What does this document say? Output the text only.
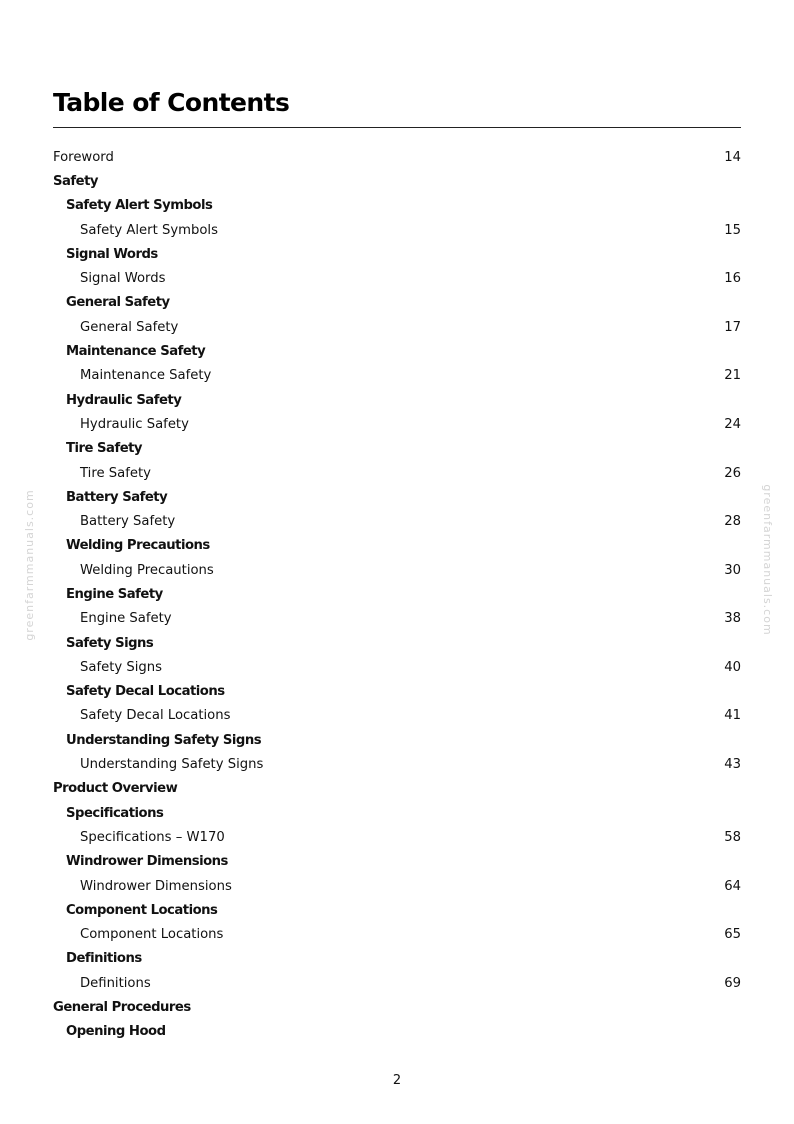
Table of Contents
Foreword	14
Safety
Safety Alert Symbols
Safety Alert Symbols	15
Signal Words
Signal Words	16
General Safety
General Safety	17
Maintenance Safety
Maintenance Safety	21
Hydraulic Safety
Hydraulic Safety	24
Tire Safety
Tire Safety	26
Battery Safety
Battery Safety	28
Welding Precautions
Welding Precautions	30
Engine Safety
Engine Safety	38
Safety Signs
Safety Signs	40
Safety Decal Locations
Safety Decal Locations	41
Understanding Safety Signs
Understanding Safety Signs	43
Product Overview
Specifications
Specifications – W170	58
Windrower Dimensions
Windrower Dimensions	64
Component Locations
Component Locations	65
Definitions
Definitions	69
General Procedures
Opening Hood
2
greenfarmmanuals.com	greenfarmmanuals.com
